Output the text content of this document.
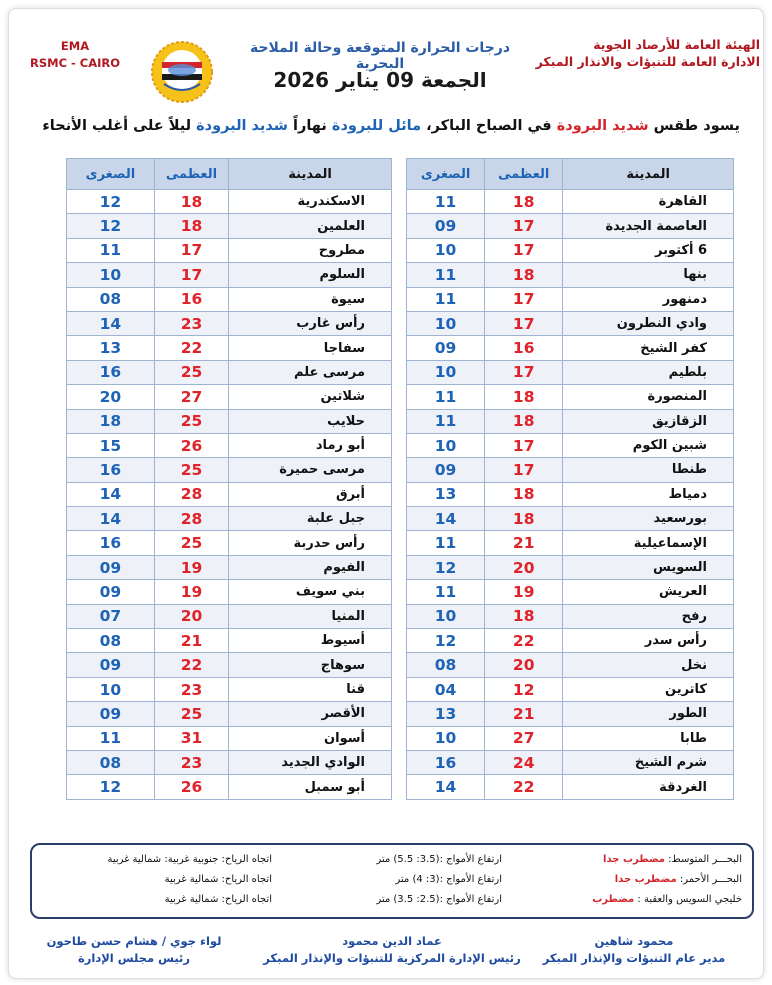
الهيئة العامة للأرصاد الجوية
الادارة العامة للتنبؤات والانذار المبكر
EMA
RSMC - CAIRO
درجات الحرارة المتوقعة وحالة الملاحة البحرية
الجمعة 09 يناير 2026
يسود طقس شديد البرودة في الصباح الباكر، مائل للبرودة نهاراً شديد البرودة ليلاً على أغلب الأنحاء
المدينة	العظمى	الصغرى
القاهرة	18	11
العاصمة الجديدة	17	09
6 أكتوبر	17	10
بنها	18	11
دمنهور	17	11
وادي النطرون	17	10
كفر الشيخ	16	09
بلطيم	17	10
المنصورة	18	11
الزقازيق	18	11
شبين الكوم	17	10
طنطا	17	09
دمياط	18	13
بورسعيد	18	14
الإسماعيلية	21	11
السويس	20	12
العريش	19	11
رفح	18	10
رأس سدر	22	12
نخل	20	08
كاترين	12	04
الطور	21	13
طابا	27	10
شرم الشيخ	24	16
الغردقة	22	14
المدينة	العظمى	الصغرى
الاسكندرية	18	12
العلمين	18	12
مطروح	17	11
السلوم	17	10
سيوة	16	08
رأس غارب	23	14
سفاجا	22	13
مرسى علم	25	16
شلاتين	27	20
حلايب	25	18
أبو رماد	26	15
مرسى حميرة	25	16
أبرق	28	14
جبل علبة	28	14
رأس حدربة	25	16
الفيوم	19	09
بني سويف	19	09
المنيا	20	07
أسيوط	21	08
سوهاج	22	09
قنا	23	10
الأقصر	25	09
أسوان	31	11
الوادي الجديد	23	08
أبو سمبل	26	12
البحـــر المتوسط: مضطرب جدا
ارتفاع الأمواج :(3.5: 5.5) متر
اتجاه الرياح: جنوبية غربية: شمالية غربية
البحـــر الأحمر: مضطرب جدا
ارتفاع الأمواج :(3: 4) متر
اتجاه الرياح: شمالية غربية
خليجي السويس والعقبة : مضطرب
ارتفاع الأمواج :(2.5: 3.5) متر
اتجاه الرياح: شمالية غربية
محمود شاهين
مدير عام التنبؤات والإنذار المبكر
عماد الدين محمود
رئيس الإدارة المركزية للتنبؤات والإنذار المبكر
لواء جوي / هشام حسن طاحون
رئيس مجلس الإدارة
